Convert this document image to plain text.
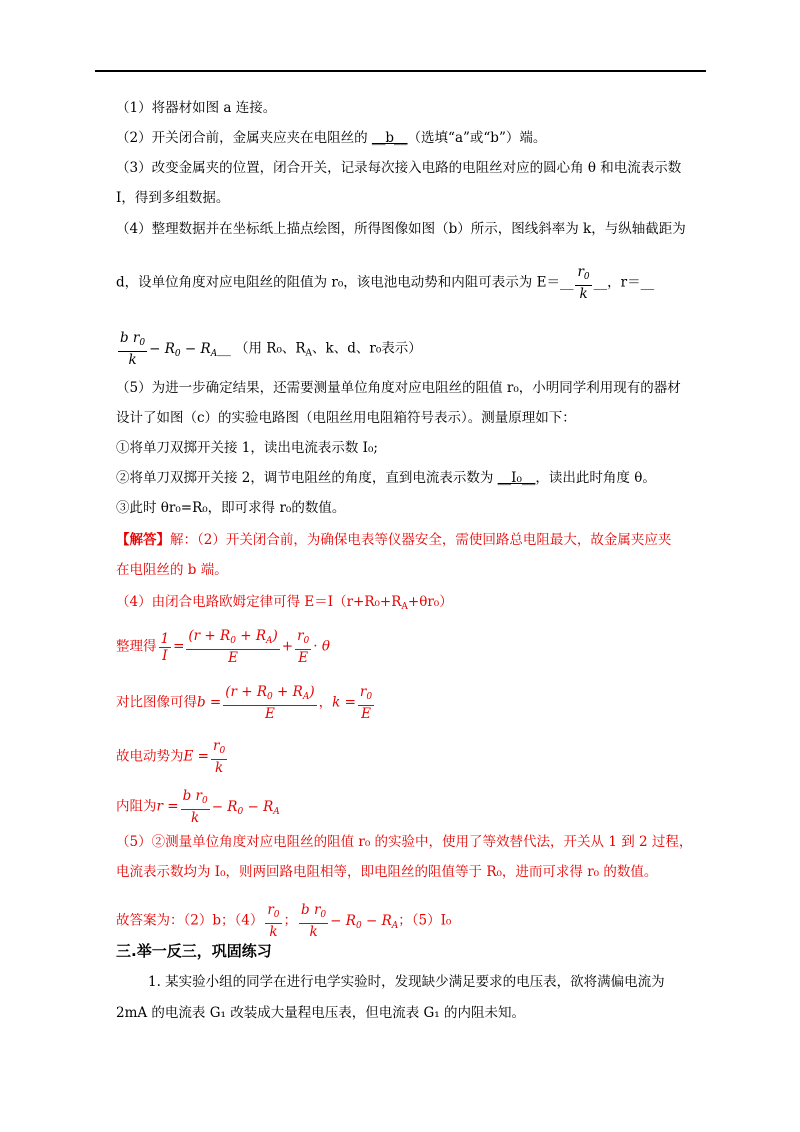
（1）将器材如图 a 连接。
（2）开关闭合前，金属夹应夹在电阻丝的 __b__（选填“a”或“b”）端。
（3）改变金属夹的位置，闭合开关，记录每次接入电路的电阻丝对应的圆心角 θ 和电流表示数
I，得到多组数据。
（4）整理数据并在坐标纸上描点绘图，所得图像如图（b）所示，图线斜率为 k，与纵轴截距为
d，设单位角度对应电阻丝的阻值为 r₀，该电池电动势和内阻可表示为 E＝__ $\frac{r_0}{k}$ __，r＝__
$\frac{b r_0}{k} - R_0$ − $R_A\_\_$ （用 R₀、$R_A$、k、d、r₀表示）
（5）为进一步确定结果，还需要测量单位角度对应电阻丝的阻值 r₀，小明同学利用现有的器材
设计了如图（c）的实验电路图（电阻丝用电阻箱符号表示）。测量原理如下：
①将单刀双掷开关接 1，读出电流表示数 I₀;
②将单刀双掷开关接 2，调节电阻丝的角度，直到电流表示数为 __I₀__，读出此时角度 θ。
③此时 θr₀=R₀，即可求得 r₀的数值。
【解答】解：（2）开关闭合前，为确保电表等仪器安全，需使回路总电阻最大，故金属夹应夹
在电阻丝的 b 端。
（4）由闭合电路欧姆定律可得 $E=I(r+R_0+R_A+\theta r_0)$
整理得 $\frac{1}{I} = \frac{(r + R_0 + R_A)}{E} + \frac{r_0}{E} \cdot \theta$
对比图像可得$b = \frac{(r + R_0 + R_A)}{E}$ ，$k = \frac{r_0}{E}$
故电动势为$E = \frac{r_0}{k}$
内阻为$r = \frac{b r_0}{k} - R_0 - R_A$
（5）②测量单位角度对应电阻丝的阻值 r₀ 的实验中，使用了等效替代法，开关从 1 到 2 过程，
电流表示数均为 I₀，则两回路电阻相等，即电阻丝的阻值等于 R₀，进而可求得 r₀ 的数值。
故答案为：（2）b；$(4) \frac{r_0}{k}$ ； $\frac{b r_0}{k} - R_0 - R_A$；（5）I₀
三.举一反三，巩固练习
1. 某实验小组的同学在进行电学实验时，发现缺少满足要求的电压表，欲将满偏电流为
2mA 的电流表 G₁ 改装成大量程电压表，但电流表 G₁ 的内阻未知。
